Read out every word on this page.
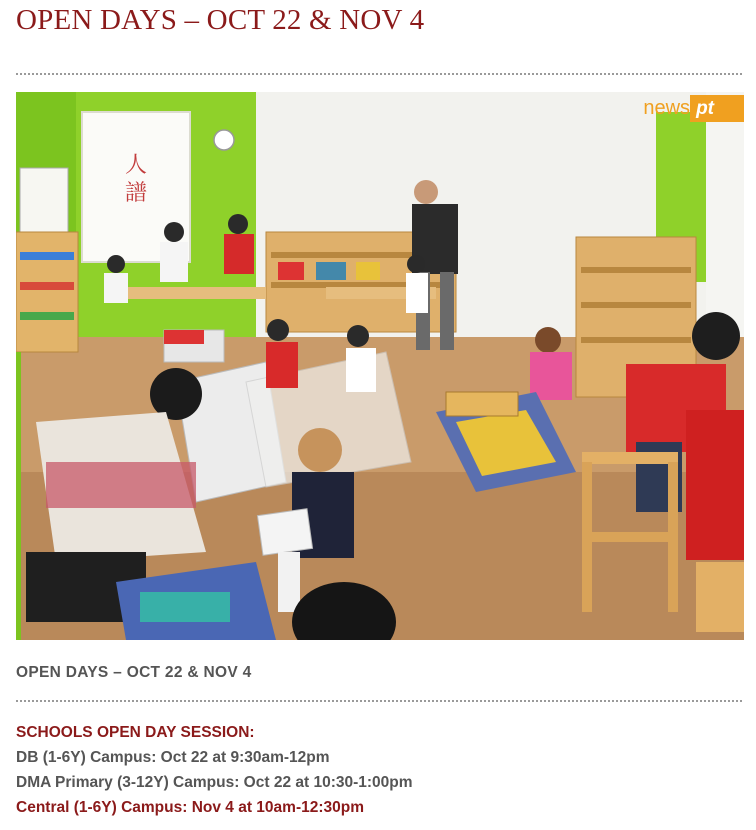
OPEN DAYS – OCT 22 & NOV 4
人
譜
news pt
OPEN DAYS – OCT 22 & NOV 4
SCHOOLS OPEN DAY SESSION:
DB (1-6Y) Campus: Oct 22 at 9:30am-12pm
DMA Primary (3-12Y) Campus: Oct 22 at 10:30-1:00pm
Central (1-6Y) Campus: Nov 4 at 10am-12:30pm
